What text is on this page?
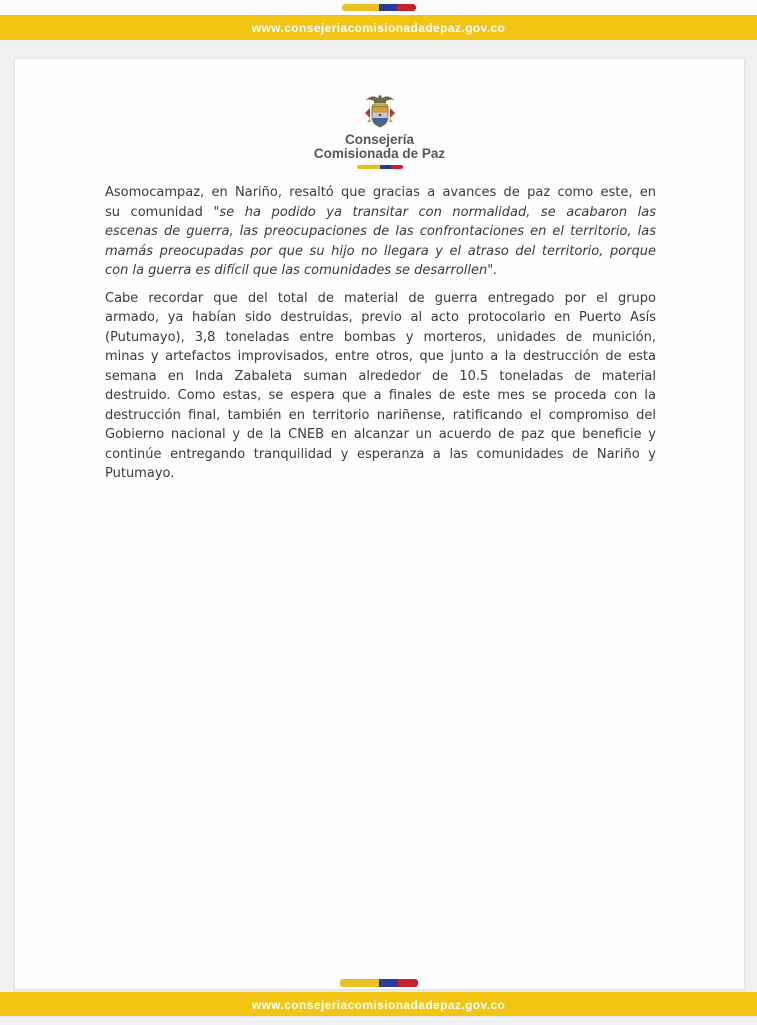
www.consejeriacomisionadadepaz.gov.co
Consejería
Comisionada de Paz
Asomocampaz, en Nariño, resaltó que gracias a avances de paz como este, en
su comunidad "se ha podido ya transitar con normalidad, se acabaron las
escenas de guerra, las preocupaciones de las confrontaciones en el territorio, las
mamás preocupadas por que su hijo no llegara y el atraso del territorio, porque
con la guerra es difícil que las comunidades se desarrollen".
Cabe recordar que del total de material de guerra entregado por el grupo
armado, ya habían sido destruidas, previo al acto protocolario en Puerto Asís
(Putumayo), 3,8 toneladas entre bombas y morteros, unidades de munición,
minas y artefactos improvisados, entre otros, que junto a la destrucción de esta
semana en Inda Zabaleta suman alrededor de 10.5 toneladas de material
destruido. Como estas, se espera que a finales de este mes se proceda con la
destrucción final, también en territorio nariñense, ratificando el compromiso del
Gobierno nacional y de la CNEB en alcanzar un acuerdo de paz que beneficie y
continúe entregando tranquilidad y esperanza a las comunidades de Nariño y
Putumayo.
www.consejeriacomisionadadepaz.gov.co
